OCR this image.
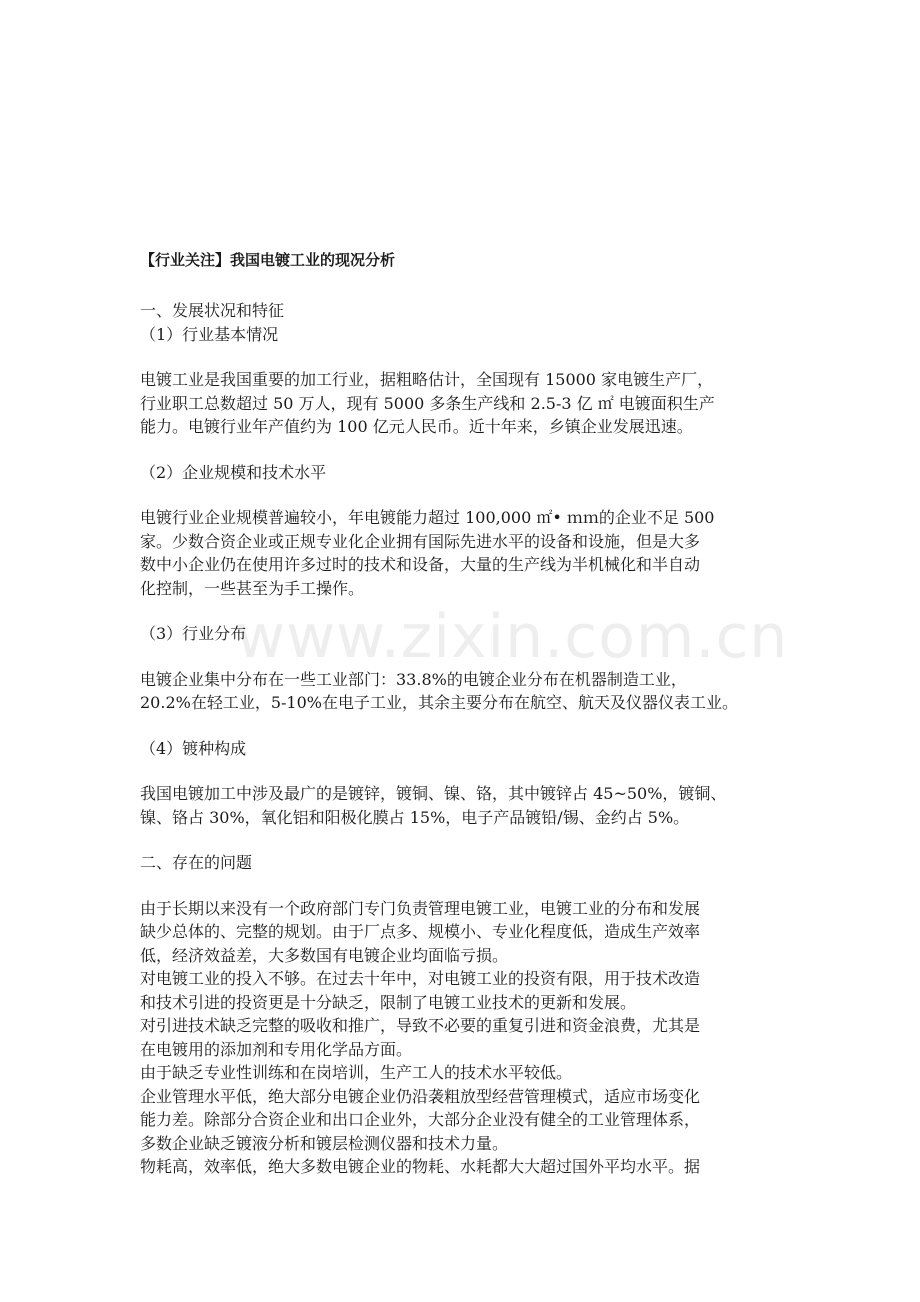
www.zixin.com.cn
【行业关注】我国电镀工业的现况分析
一、发展状况和特征
（1）行业基本情况
电镀工业是我国重要的加工行业，据粗略估计，全国现有 15000 家电镀生产厂，
行业职工总数超过 50 万人，现有 5000 多条生产线和 2.5-3 亿 ㎡ 电镀面积生产
能力。电镀行业年产值约为 100 亿元人民币。近十年来，乡镇企业发展迅速。
（2）企业规模和技术水平
电镀行业企业规模普遍较小，年电镀能力超过 100,000 ㎡• ｍｍ的企业不足 500
家。少数合资企业或正规专业化企业拥有国际先进水平的设备和设施，但是大多
数中小企业仍在使用许多过时的技术和设备，大量的生产线为半机械化和半自动
化控制，一些甚至为手工操作。
（3）行业分布
电镀企业集中分布在一些工业部门：33.8%的电镀企业分布在机器制造工业，
20.2%在轻工业，5-10%在电子工业，其余主要分布在航空、航天及仪器仪表工业。
（4）镀种构成
我国电镀加工中涉及最广的是镀锌，镀铜、镍、铬，其中镀锌占 45~50%，镀铜、
镍、铬占 30%，氧化铝和阳极化膜占 15%，电子产品镀铅/锡、金约占 5%。
二、存在的问题
由于长期以来没有一个政府部门专门负责管理电镀工业，电镀工业的分布和发展
缺少总体的、完整的规划。由于厂点多、规模小、专业化程度低，造成生产效率
低，经济效益差，大多数国有电镀企业均面临亏损。
对电镀工业的投入不够。在过去十年中，对电镀工业的投资有限，用于技术改造
和技术引进的投资更是十分缺乏，限制了电镀工业技术的更新和发展。
对引进技术缺乏完整的吸收和推广，导致不必要的重复引进和资金浪费，尤其是
在电镀用的添加剂和专用化学品方面。
由于缺乏专业性训练和在岗培训，生产工人的技术水平较低。
企业管理水平低，绝大部分电镀企业仍沿袭粗放型经营管理模式，适应市场变化
能力差。除部分合资企业和出口企业外，大部分企业没有健全的工业管理体系，
多数企业缺乏镀液分析和镀层检测仪器和技术力量。
物耗高，效率低，绝大多数电镀企业的物耗、水耗都大大超过国外平均水平。据
